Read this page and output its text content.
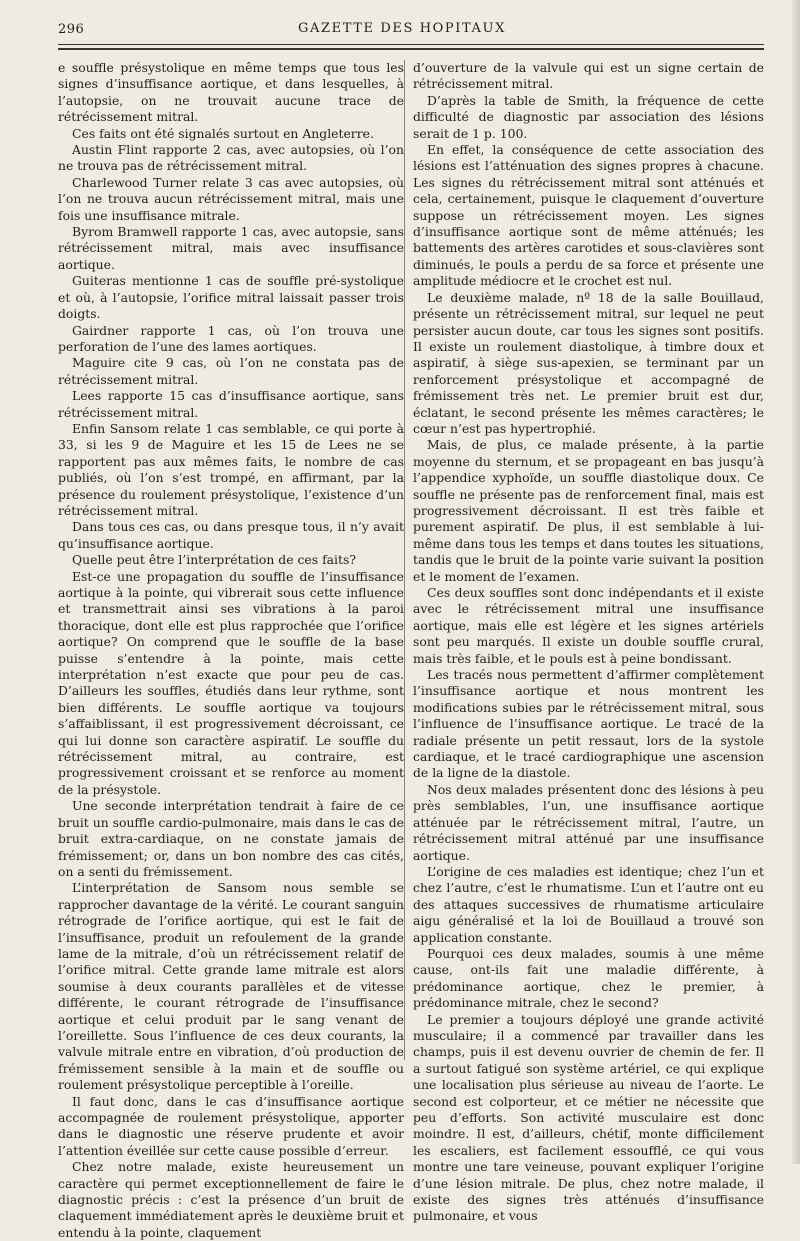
296	GAZETTE DES HOPITAUX

e souffle présystolique en même temps que tous les signes d’insuffisance aortique, et dans lesquelles, à l’autopsie, on ne trouvait aucune trace de rétrécissement mitral.

Ces faits ont été signalés surtout en Angleterre.

Austin Flint rapporte 2 cas, avec autopsies, où l’on ne trouva pas de rétrécissement mitral.

Charlewood Turner relate 3 cas avec autopsies, où l’on ne trouva aucun rétrécissement mitral, mais une fois une insuffisance mitrale.

Byrom Bramwell rapporte 1 cas, avec autopsie, sans rétrécissement mitral, mais avec insuffisance aortique.

Guiteras mentionne 1 cas de souffle pré-systolique et où, à l’autopsie, l’orifice mitral laissait passer trois doigts.

Gairdner rapporte 1 cas, où l’on trouva une perforation de l’une des lames aortiques.

Maguire cite 9 cas, où l’on ne constata pas de rétrécissement mitral.

Lees rapporte 15 cas d’insuffisance aortique, sans rétrécissement mitral.

Enfin Sansom relate 1 cas semblable, ce qui porte à 33, si les 9 de Maguire et les 15 de Lees ne se rapportent pas aux mêmes faits, le nombre de cas publiés, où l’on s’est trompé, en affirmant, par la présence du roulement présystolique, l’existence d’un rétrécissement mitral.

Dans tous ces cas, ou dans presque tous, il n’y avait qu’insuffisance aortique.

Quelle peut être l’interprétation de ces faits?

Est-ce une propagation du souffle de l’insuffisance aortique à la pointe, qui vibrerait sous cette influence et transmettrait ainsi ses vibrations à la paroi thoracique, dont elle est plus rapprochée que l’orifice aortique? On comprend que le souffle de la base puisse s’entendre à la pointe, mais cette interprétation n’est exacte que pour peu de cas. D’ailleurs les souffles, étudiés dans leur rythme, sont bien différents. Le souffle aortique va toujours s’affaiblissant, il est progressivement décroissant, ce qui lui donne son caractère aspiratif. Le souffle du rétrécissement mitral, au contraire, est progressivement croissant et se renforce au moment de la présystole.

Une seconde interprétation tendrait à faire de ce bruit un souffle cardio-pulmonaire, mais dans le cas de bruit extra-cardiaque, on ne constate jamais de frémissement; or, dans un bon nombre des cas cités, on a senti du frémissement.

L’interprétation de Sansom nous semble se rapprocher davantage de la vérité. Le courant sanguin rétrograde de l’orifice aortique, qui est le fait de l’insuffisance, produit un refoulement de la grande lame de la mitrale, d’où un rétrécissement relatif de l’orifice mitral. Cette grande lame mitrale est alors soumise à deux courants parallèles et de vitesse différente, le courant rétrograde de l’insuffisance aortique et celui produit par le sang venant de l’oreillette. Sous l’influence de ces deux courants, la valvule mitrale entre en vibration, d’où production de frémissement sensible à la main et de souffle ou roulement présystolique perceptible à l’oreille.

Il faut donc, dans le cas d’insuffisance aortique accompagnée de roulement présystolique, apporter dans le diagnostic une réserve prudente et avoir l’attention éveillée sur cette cause possible d’erreur.

Chez notre malade, existe heureusement un caractère qui permet exceptionnellement de faire le diagnostic précis : c’est la présence d’un bruit de claquement immédiatement après le deuxième bruit et entendu à la pointe, claquement

d’ouverture de la valvule qui est un signe certain de rétrécissement mitral.

D’après la table de Smith, la fréquence de cette difficulté de diagnostic par association des lésions serait de 1 p. 100.

En effet, la conséquence de cette association des lésions est l’atténuation des signes propres à chacune. Les signes du rétrécissement mitral sont atténués et cela, certainement, puisque le claquement d’ouverture suppose un rétrécissement moyen. Les signes d’insuffisance aortique sont de même atténués; les battements des artères carotides et sous-clavières sont diminués, le pouls a perdu de sa force et présente une amplitude médiocre et le crochet est nul.

Le deuxième malade, nº 18 de la salle Bouillaud, présente un rétrécissement mitral, sur lequel ne peut persister aucun doute, car tous les signes sont positifs. Il existe un roulement diastolique, à timbre doux et aspiratif, à siège sus-apexien, se terminant par un renforcement présystolique et accompagné de frémissement très net. Le premier bruit est dur, éclatant, le second présente les mêmes caractères; le cœur n’est pas hypertrophié.

Mais, de plus, ce malade présente, à la partie moyenne du sternum, et se propageant en bas jusqu’à l’appendice xyphoïde, un souffle diastolique doux. Ce souffle ne présente pas de renforcement final, mais est progressivement décroissant. Il est très faible et purement aspiratif. De plus, il est semblable à lui-même dans tous les temps et dans toutes les situations, tandis que le bruit de la pointe varie suivant la position et le moment de l’examen.

Ces deux souffles sont donc indépendants et il existe avec le rétrécissement mitral une insuffisance aortique, mais elle est légère et les signes artériels sont peu marqués. Il existe un double souffle crural, mais très faible, et le pouls est à peine bondissant.

Les tracés nous permettent d’affirmer complètement l’insuffisance aortique et nous montrent les modifications subies par le rétrécissement mitral, sous l’influence de l’insuffisance aortique. Le tracé de la radiale présente un petit ressaut, lors de la systole cardiaque, et le tracé cardiographique une ascension de la ligne de la diastole.

Nos deux malades présentent donc des lésions à peu près semblables, l’un, une insuffisance aortique atténuée par le rétrécissement mitral, l’autre, un rétrécissement mitral atténué par une insuffisance aortique.

L’origine de ces maladies est identique; chez l’un et chez l’autre, c’est le rhumatisme. L’un et l’autre ont eu des attaques successives de rhumatisme articulaire aigu généralisé et la loi de Bouillaud a trouvé son application constante.

Pourquoi ces deux malades, soumis à une même cause, ont-ils fait une maladie différente, à prédominance aortique, chez le premier, à prédominance mitrale, chez le second?

Le premier a toujours déployé une grande activité musculaire; il a commencé par travailler dans les champs, puis il est devenu ouvrier de chemin de fer. Il a surtout fatigué son système artériel, ce qui explique une localisation plus sérieuse au niveau de l’aorte. Le second est colporteur, et ce métier ne nécessite que peu d’efforts. Son activité musculaire est donc moindre. Il est, d’ailleurs, chétif, monte difficilement les escaliers, est facilement essoufflé, ce qui vous montre une tare veineuse, pouvant expliquer l’origine d’une lésion mitrale. De plus, chez notre malade, il existe des signes très atténués d’insuffisance pulmonaire, et vous
